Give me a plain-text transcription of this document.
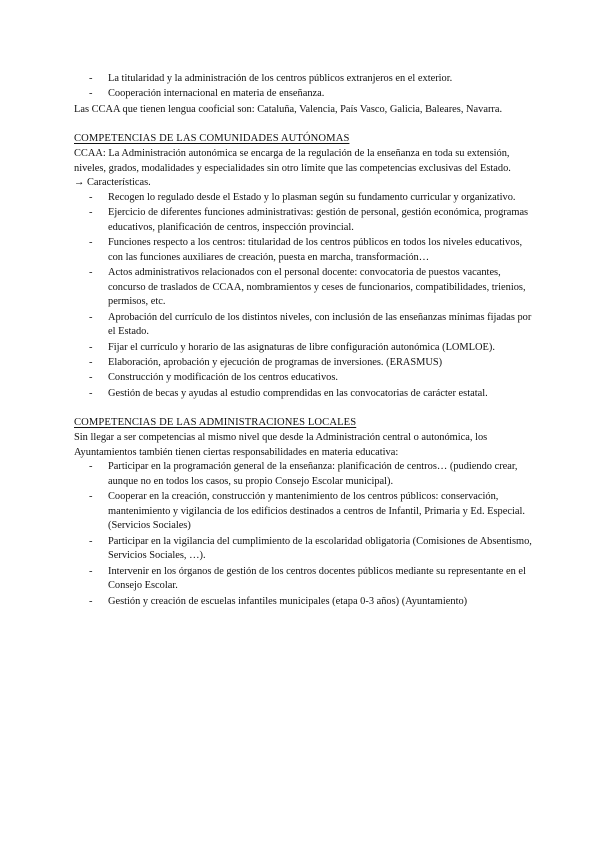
- La titularidad y la administración de los centros públicos extranjeros en el exterior.
- Cooperación internacional en materia de enseñanza.

Las CCAA que tienen lengua cooficial son: Cataluña, Valencia, País Vasco, Galicia, Baleares, Navarra.

COMPETENCIAS DE LAS COMUNIDADES AUTÓNOMAS

CCAA: La Administración autonómica se encarga de la regulación de la enseñanza en toda su extensión, niveles, grados, modalidades y especialidades sin otro límite que las competencias exclusivas del Estado.

→ Características.

- Recogen lo regulado desde el Estado y lo plasman según su fundamento curricular y organizativo.
- Ejercicio de diferentes funciones administrativas: gestión de personal, gestión económica, programas educativos, planificación de centros, inspección provincial.
- Funciones respecto a los centros: titularidad de los centros públicos en todos los niveles educativos, con las funciones auxiliares de creación, puesta en marcha, transformación…
- Actos administrativos relacionados con el personal docente: convocatoria de puestos vacantes, concurso de traslados de CCAA, nombramientos y ceses de funcionarios, compatibilidades, trienios, permisos, etc.
- Aprobación del currículo de los distintos niveles, con inclusión de las enseñanzas mínimas fijadas por el Estado.
- Fijar el currículo y horario de las asignaturas de libre configuración autonómica (LOMLOE).
- Elaboración, aprobación y ejecución de programas de inversiones. (ERASMUS)
- Construcción y modificación de los centros educativos.
- Gestión de becas y ayudas al estudio comprendidas en las convocatorias de carácter estatal.

COMPETENCIAS DE LAS ADMINISTRACIONES LOCALES

Sin llegar a ser competencias al mismo nivel que desde la Administración central o autonómica, los Ayuntamientos también tienen ciertas responsabilidades en materia educativa:

- Participar en la programación general de la enseñanza: planificación de centros… (pudiendo crear, aunque no en todos los casos, su propio Consejo Escolar municipal).
- Cooperar en la creación, construcción y mantenimiento de los centros públicos: conservación, mantenimiento y vigilancia de los edificios destinados a centros de Infantil, Primaria y Ed. Especial. (Servicios Sociales)
- Participar en la vigilancia del cumplimiento de la escolaridad obligatoria (Comisiones de Absentismo, Servicios Sociales, …).
- Intervenir en los órganos de gestión de los centros docentes públicos mediante su representante en el Consejo Escolar.
- Gestión y creación de escuelas infantiles municipales (etapa 0-3 años) (Ayuntamiento)
